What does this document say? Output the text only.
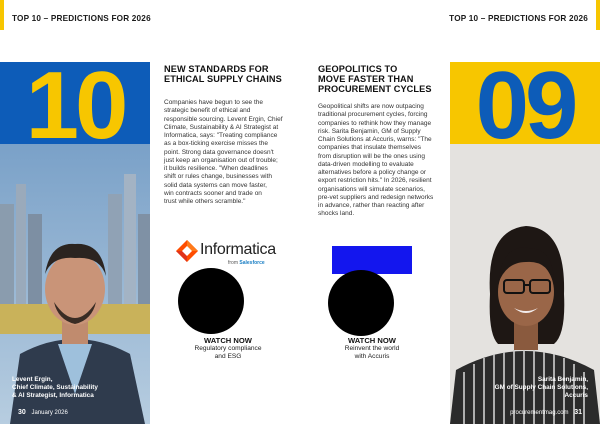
TOP 10 – PREDICTIONS FOR 2026	TOP 10 – PREDICTIONS FOR 2026
10
Levent Ergin,
Chief Climate, Sustainability
& AI Strategist, Informatica
30 January 2026
NEW STANDARDS FOR
ETHICAL SUPPLY CHAINS
Companies have begun to see the
strategic benefit of ethical and
responsible sourcing. Levent Ergin, Chief
Climate, Sustainability & AI Strategist at
Informatica, says: "Treating compliance
as a box-ticking exercise misses the
point. Strong data governance doesn't
just keep an organisation out of trouble;
it builds resilience. "When deadlines
shift or rules change, businesses with
solid data systems can move faster,
win contracts sooner and trade on
trust while others scramble."
Informatica
from Salesforce
WATCH NOW
Regulatory compliance
and ESG
GEOPOLITICS TO
MOVE FASTER THAN
PROCUREMENT CYCLES
Geopolitical shifts are now outpacing
traditional procurement cycles, forcing
companies to rethink how they manage
risk. Sarita Benjamin, GM of Supply
Chain Solutions at Accuris, warns: "The
companies that insulate themselves
from disruption will be the ones using
data-driven modelling to evaluate
alternatives before a policy change or
export restriction hits." In 2026, resilient
organisations will simulate scenarios,
pre-vet suppliers and redesign networks
in advance, rather than reacting after
shocks land.
WATCH NOW
Reinvent the world
with Accuris
09
Sarita Benjamin,
GM of Supply Chain Solutions,
Accuris
procurementmag.com 31
